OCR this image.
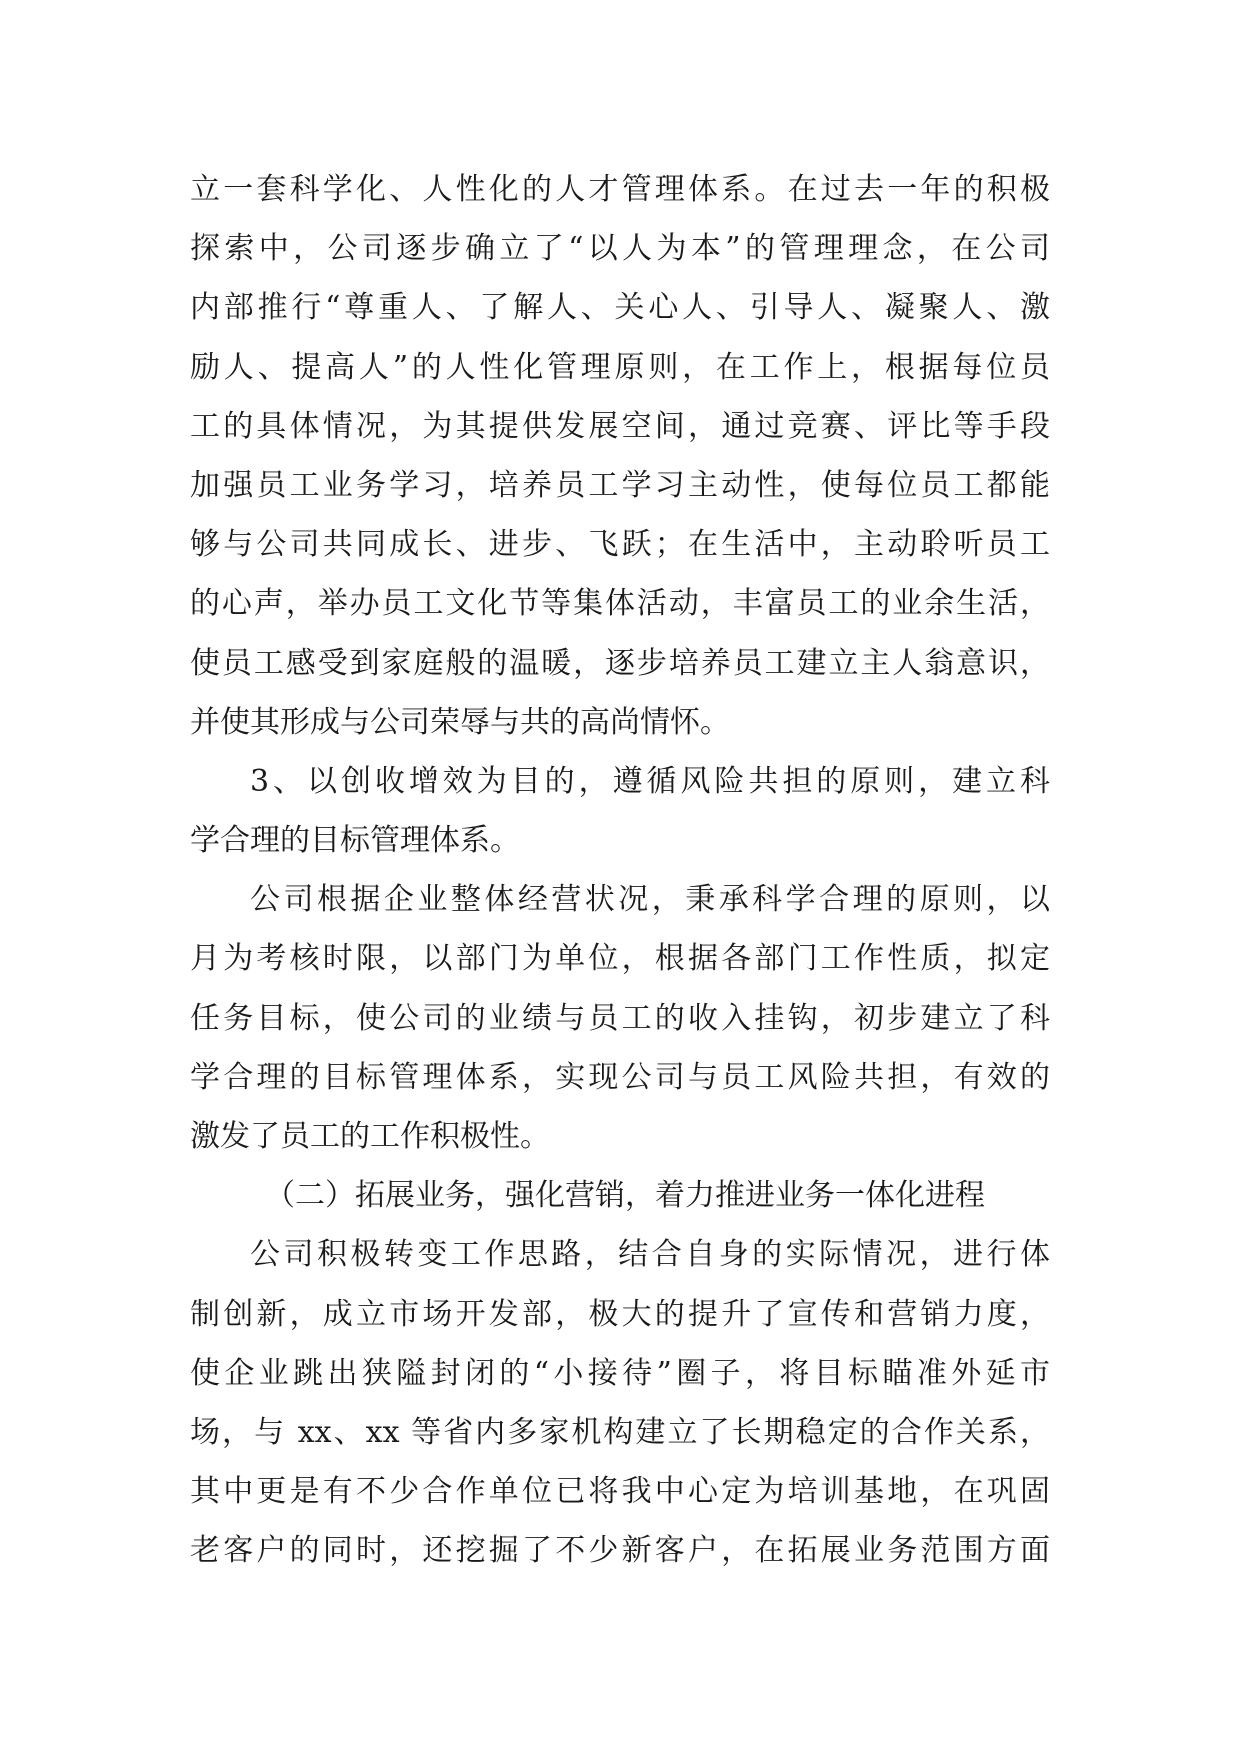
立一套科学化、人性化的人才管理体系。在过去一年的积极
探索中，公司逐步确立了“以人为本”的管理理念，在公司
内部推行“尊重人、了解人、关心人、引导人、凝聚人、激
励人、提高人”的人性化管理原则，在工作上，根据每位员
工的具体情况，为其提供发展空间，通过竞赛、评比等手段
加强员工业务学习，培养员工学习主动性，使每位员工都能
够与公司共同成长、进步、飞跃；在生活中，主动聆听员工
的心声，举办员工文化节等集体活动，丰富员工的业余生活，
使员工感受到家庭般的温暖，逐步培养员工建立主人翁意识，
并使其形成与公司荣辱与共的高尚情怀。
3、以创收增效为目的，遵循风险共担的原则，建立科
学合理的目标管理体系。
公司根据企业整体经营状况，秉承科学合理的原则，以
月为考核时限，以部门为单位，根据各部门工作性质，拟定
任务目标，使公司的业绩与员工的收入挂钩，初步建立了科
学合理的目标管理体系，实现公司与员工风险共担，有效的
激发了员工的工作积极性。
（二）拓展业务，强化营销，着力推进业务一体化进程
公司积极转变工作思路，结合自身的实际情况，进行体
制创新，成立市场开发部，极大的提升了宣传和营销力度，
使企业跳出狭隘封闭的“小接待”圈子，将目标瞄准外延市
场，与 xx、xx 等省内多家机构建立了长期稳定的合作关系，
其中更是有不少合作单位已将我中心定为培训基地，在巩固
老客户的同时，还挖掘了不少新客户，在拓展业务范围方面
